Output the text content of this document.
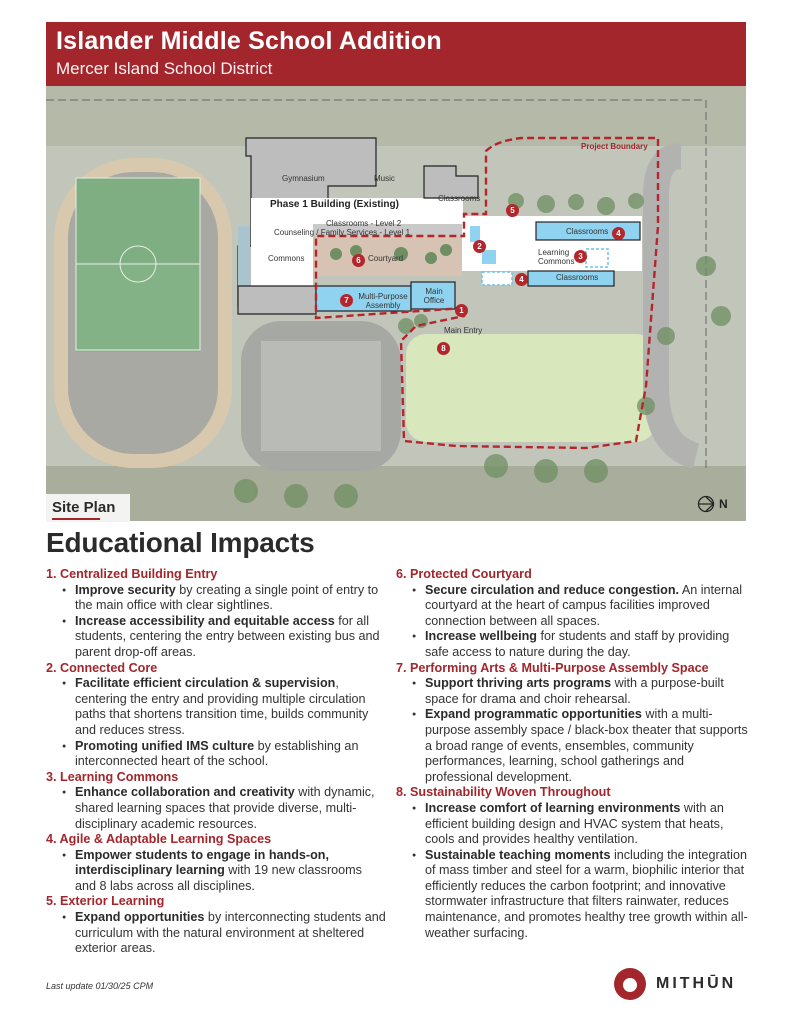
Islander Middle School Addition
Mercer Island School District
Gymnasium	Music
Phase 1 Building (Existing)
Classrooms
Classrooms - Level 2
Counseling / Family Services - Level 1
Commons	Courtyard
Multi-Purpose Assembly
Main Office
Main Entry
Learning Commons
Classrooms
Classrooms
Project Boundary
1
2
3
4
4
5
6
7
8
Site Plan	N
Educational Impacts
1. Centralized Building Entry
● Improve security by creating a single point of entry to the main office with clear sightlines.
● Increase accessibility and equitable access for all students, centering the entry between existing bus and parent drop-off areas.
2. Connected Core
● Facilitate efficient circulation & supervision, centering the entry and providing multiple circulation paths that shortens transition time, builds community and reduces stress.
● Promoting unified IMS culture by establishing an interconnected heart of the school.
3. Learning Commons
● Enhance collaboration and creativity with dynamic, shared learning spaces that provide diverse, multi-disciplinary academic resources.
4. Agile & Adaptable Learning Spaces
● Empower students to engage in hands-on, interdisciplinary learning with 19 new classrooms and 8 labs across all disciplines.
5. Exterior Learning
● Expand opportunities by interconnecting students and curriculum with the natural environment at sheltered exterior areas.
6. Protected Courtyard
● Secure circulation and reduce congestion. An internal courtyard at the heart of campus facilities improved connection between all spaces.
● Increase wellbeing for students and staff by providing safe access to nature during the day.
7. Performing Arts & Multi-Purpose Assembly Space
● Support thriving arts programs with a purpose-built space for drama and choir rehearsal.
● Expand programmatic opportunities with a multi-purpose assembly space / black-box theater that supports a broad range of events, ensembles, community performances, learning, school gatherings and professional development.
8. Sustainability Woven Throughout
● Increase comfort of learning environments with an efficient building design and HVAC system that heats, cools and provides healthy ventilation.
● Sustainable teaching moments including the integration of mass timber and steel for a warm, biophilic interior that efficiently reduces the carbon footprint; and innovative stormwater infrastructure that filters rainwater, reduces maintenance, and promotes healthy tree growth within all-weather surfacing.
Last update 01/30/25 CPM	MITHŪN
